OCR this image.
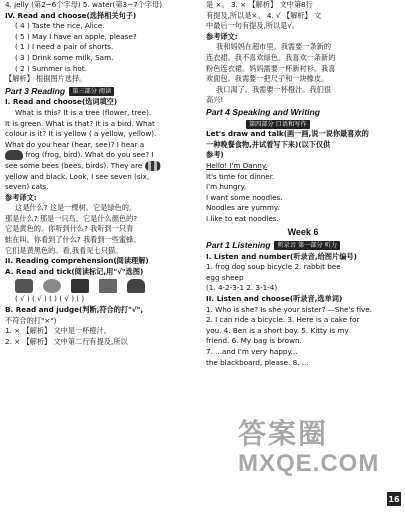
4. jelly (第2~6个字母) 5. water(第3~7个字母)
IV. Read and choose(选择相关句子)
( 4 ) Taste the rice, Alice.
( 5 ) May I have an apple, please?
( 1 ) I need a pair of shorts.
( 3 ) Drink some milk, Sam.
( 2 ) Summer is hot.
【解析】 根据图片选择。
Part 3 Reading	第三部分 阅读
I. Read and choose(选词填空)
What is this? It is a tree (flower, tree).
It is green. What is that? It is a bird. What
colour is it? It is yellow ( a yellow, yellow).
What do you hear (hear, see)? I hear a
frog (frog, bird). What do you see? I
see some bees (bees, birds). They are
yellow and black. Look, I see seven (six,
seven) cats.
参考译文:
这是什么? 这是一棵树。它是绿色的。
那是什么? 那是一只鸟。它是什么颜色的?
它是黄色的。你听到什么? 我听到一只青
蛙在叫。你看到了什么? 我看到一些蜜蜂。
它们是黄黑色的。看,我看见七只猫。
II. Reading comprehension(阅读理解)
A. Read and tick(阅读标记,用"√"选图)
( √ ) ( √ ) ( ) ( √ ) ( )
B. Read and judge(判断,符合的打"√",
不符合的打"×")
1. × 【解析】 文中是一杯橙汁。
2. × 【解析】 文中第二行有提及,所以
是 ×。 3. × 【解析】 文中第8行
有提及,所以是×。 4. √ 【解析】 文
中最后一句有提及,所以是√。
参考译文:
我和妈妈在超市里。我需要一条新的
连衣裙。我不喜欢绿色。我喜欢一条新的
粉色连衣裙。妈妈需要一杯新衬衫。我喜
欢面包。我需要一把尺子和一块橡皮。
我口渴了。我需要一杯橙汁。我们很
高兴!
Part 4 Speaking and Writing
第四部分 口语和写作
Let's draw and talk(画一画,说一说你最喜欢的
一种晚餐食物,并试着写下来)(以下仅供
参考)
Hello! I'm Danny.
It's time for dinner.
I'm hungry.
I want some noodles.
Noodles are yummy.
I like to eat noodles.
Week 6
Part 1 Listening	听录音 第一部分 听力
I. Listen and number(听录音,给图片编号)
1. frog dog soup bicycle 2. rabbit bee
egg sheep
(1. 4-2-3-1 2. 3-1-4)
II. Listen and choose(听录音,选单词)
1. Who is she? Is she your sister? —She's five.
2. I can ride a bicycle. 3. Here is a cake for
you. 4. Ben is a short boy. 5. Kitty is my
friend. 6. My bag is brown.
7. ...and I'm very happy...
the blackboard, please. 8. ...
答案圈
MXQE.COM
16
